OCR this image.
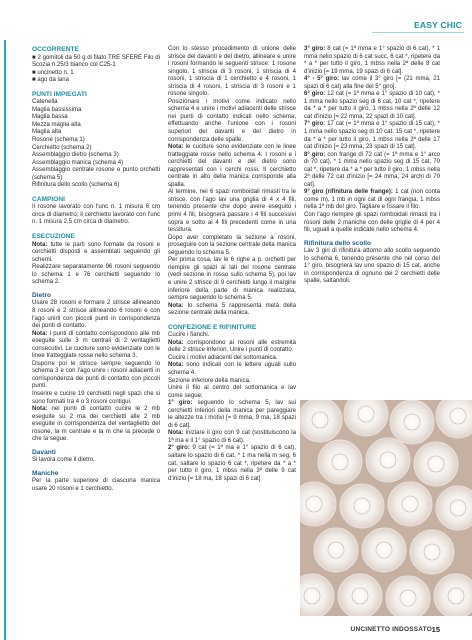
EASY CHIC
OCCORRENTE

■ 2 gomitoli da 50 g di filato TRE SFERE Filo di Scozia n.25/3 bianco col C25-1

■ uncinetto n. 1

■ ago da lana

PUNTI IMPIEGATI

Catenella

Maglia bassissima

Maglia bassa

Mezza maglia alta

Maglia alta

Rosone (schema 1)

Cerchietto (schema 2)

Assemblaggio dietro (schema 3)

Assemblaggio manica (schema 4)

Assemblaggio centrale rosone e punto orchetti (schema 5)

Rifinitura dello scollo (schema 6)

CAMPIONI

Il rosone lavorato con l'unc n. 1 misura 6 cm circa di diametro; il cerchietto lavorato con l'unc n. 1 misura 2,5 cm circa di diametro.

ESECUZIONE

Nota: tutte le parti sono formate da rosoni e cerchietti disposti e assemblati seguendo gli schemi.

Realizzare separatamente 96 rosoni seguendo lo schema 1 e 76 cerchietti seguendo lo schema 2.

Dietro

Usare 28 rosoni e formare 2 strisce allineando 8 rosoni e 2 strisce allineando 6 rosoni e con l'ago unirli con piccoli punti in corrispondenza dei punti di contatto.

Nota: i punti di contatto corrispondono alle mb eseguite sulle 3 m centrali di 2 ventaglietti consecutivi. Le cuciture sono evidenziate con le linee tratteggiate rosse nello schema 3.

Disporre poi le strisce sempre seguendo lo schema 3 e con l'ago unire i rosoni adiacenti in corrispondenza dei punti di contatto con piccoli punti.

Inserire e cucire 19 cerchietti negli spazi che si sono formati tra 4 o 3 rosoni contigui.

Nota: nei punti di contatto cucire le 2 mb eseguite su 2 ma dei cerchietti alle 2 mb eseguite in corrispondenza del ventaglietto del rosone, la m centrale e la m che la precede o che la segue.

Davanti

Si lavora come il dietro.

Maniche

Per la parte superiore di ciascuna manica usare 20 rosoni e 1 cerchietto.

Con lo stesso procedimento di unione delle strisce del davanti e del dietro, allineare e unire i rosoni formando le seguenti strisce: 1 rosone singolo, 1 striscia di 3 rosoni, 1 striscia di 4 rosoni, 1 striscia di 1 cerchietto e 4 rosoni, 1 striscia di 4 rosoni, 1 striscia di 3 rosoni e 1 rosone singolo.

Posizionare i motivi come indicato nello schema 4 e unire i motivi adiacenti delle strisce nei punti di contatto indicati nello schema, effettuando anche l'unione con i rosoni superiori del davanti e del dietro in corrispondenza delle spalle.

Nota: le cuciture sono evidenziate con le linee tratteggiate rosse nello schema 4. I rosoni e i cerchietti del davanti e del dietro sono rappresentati con i cerchi rossi. Il cerchietto centrale in alto della manica corrisponde alla spalla.

Al termine, nei 6 spazi romboidali rimasti tra le strisce, con l'ago lav una griglia di 4 x 4 fili, tenendo presente che dopo avere eseguito i primi 4 fili, bisognerà passare i 4 fili successivi sopra e sotto ai 4 fili precedenti come in una tessitura.

Dopo aver completato la sezione a rosoni, proseguire con la sezione centrale della manica seguendo lo schema 5.

Per prima cosa, lav le 6 righe a p. orchetti per riempire gli spazi ai lati del rosone centrale (vedi sezione in rosso sullo schema 5), poi lav e unire 2 strisce di 9 cerchietti lungo il margine inferiore della parte di manica realizzata, sempre seguendo lo schema 5.

Nota: lo schema 5 rappresenta metà della sezione centrale della manica.

CONFEZIONE E RIFINITURE

Cucire i fianchi.

Nota: corrispondono ai rosoni alle estremità delle 2 strisce inferiori. Unire i punti di contatto.

Cucire i motivi adiacenti del sottomanica.

Nota: sono indicati con le lettere uguali sullo schema 4.

Sezione inferiore della manica.

Unire il filo al centro del sottomanica e lav come segue:

1° giro: seguendo lo schema 5, lav sui cerchietti inferiori della manica per pareggiare le altezze tra i motivi [= 9 mma, 9 ma, 18 spazi di 6 cat].

Nota: iniziare il giro con 9 cat (sostituiscono la 1ª ma e il 1° spazio di 6 cat).

2° giro: 9 cat (= 1ª ma e 1° spazio di 6 cat), saltare lo spazio di 6 cat, * 1 ma nella m seg, 6 cat, saltare lo spazio 6 cat *, ripetere da * a * per tutto il giro, 1 mbss nella 3ª delle 9 cat d'inizio [= 18 ma, 18 spazi di 6 cat]

3° giro: 8 cat (= 1ª mma e 1° spazio di 6 cat), * 1 mma nello spazio di 6 cat succ, 6 cat *, ripetere da * a * per tutto il giro, 1 mbss nella 2ª delle 8 cat d'inizio [= 19 mma, 19 spazi di 6 cat].

4° - 5° giro: lav come il 3° giro [= (21 mma, 21 spazi di 6 cat) alla fine del 5° giro].

6° giro: 12 cat (= 1ª mma e 1° spazio di 10 cat), * 1 mma nello spazio seg di 6 cat, 10 cat *, ripetere da * a * per tutto il giro, 1 mbss nella 2ª delle 12 cat d'inizio [= 22 mma, 22 spazi di 10 cat].

7° giro: 17 cat (= 1ª mma e 1° spazio di 15 cat), * 1 mma nello spazio seg di 10 cat, 15 cat *, ripetere da * a * per tutto il giro, 1 mbss nella 2ª delle 17 cat d'inizio [= 23 mma, 23 spazi di 15 cat].

8° giro: con frange di 72 cat (= 1ª mma e 1° arco di 70 cat), * 1 mma nello spazio seg di 15 cat, 70 cat *, ripetere da * a * per tutto il giro, 1 mbss nella 2ª delle 72 cat d'inizio [= 24 mma, 24 archi di 70 cat].

9° giro (rifinitura delle frange): 1 cat (non conta come m), 1 mb in ogni cat di ogni frangia, 1 mbss nella 1ª mb del giro. Tagliare e fissare il filo.

Con l'ago riempire gli spazi romboidali rimasti tra i rosoni delle 2 maniche con delle griglie di 4 per 4 fili, uguali a quelle indicate nello schema 4.

Rifinitura dello scollo

Lav 3 giri di rifinitura attorno allo scollo seguendo lo schema 6, tenendo presente che nel corso del 1° giro, bisognerà lav uno spazio di 15 cat, anche in corrispondenza di ognuno dei 2 cerchietti delle spalle, saltandoli.

UNCINETTO INDOSSATO 15
